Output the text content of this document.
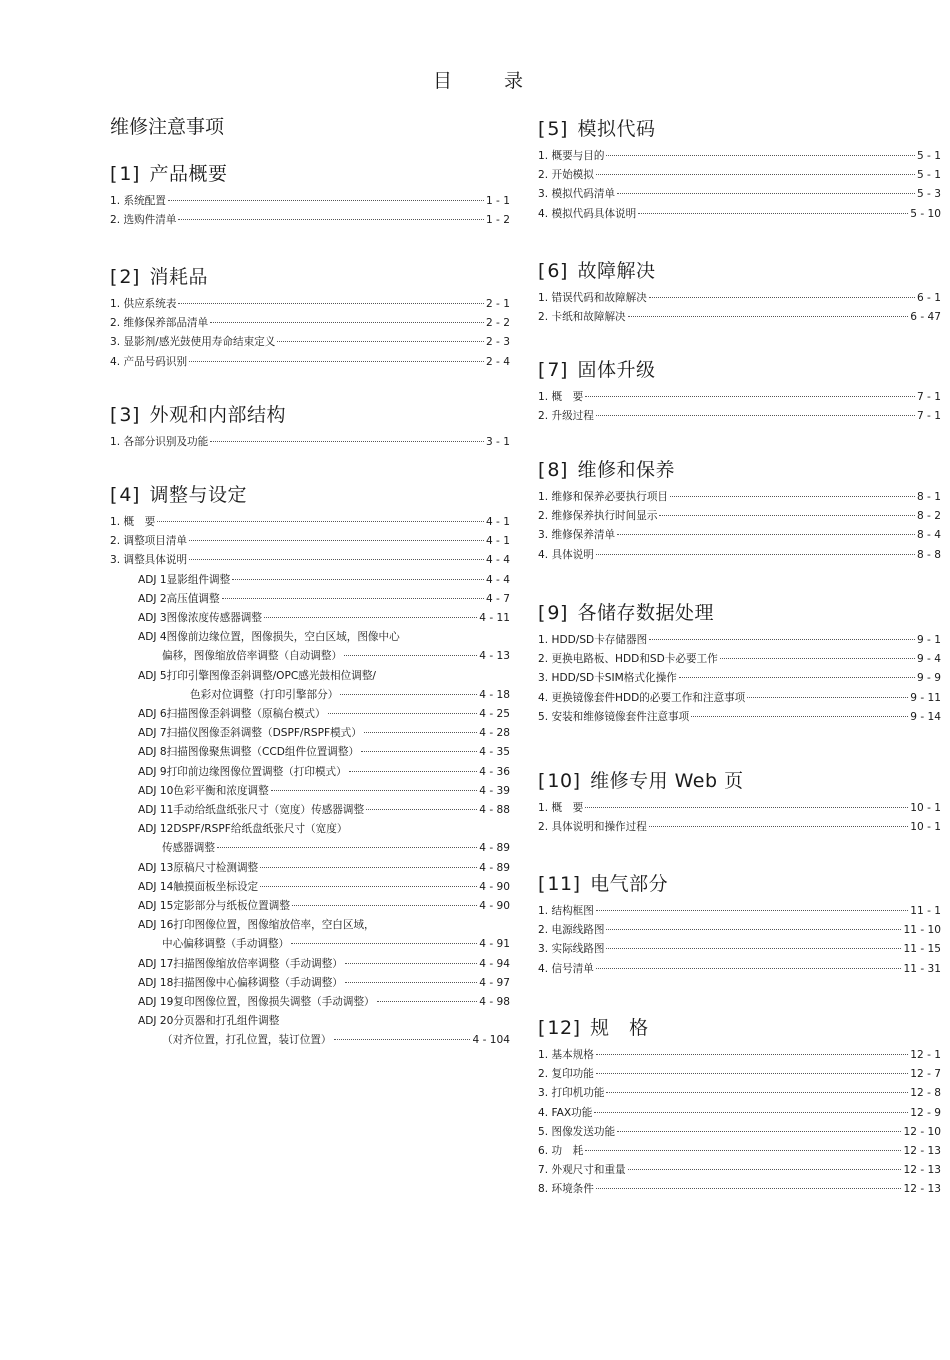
目录
维修注意事项
[1] 产品概要
1. 系统配置	1 - 1
2. 选购件清单	1 - 2
[2] 消耗品
1. 供应系统表	2 - 1
2. 维修保养部品清单	2 - 2
3. 显影剂/感光鼓使用寿命结束定义	2 - 3
4. 产品号码识别	2 - 4
[3] 外观和内部结构
1. 各部分识别及功能	3 - 1
[4] 调整与设定
1. 概　要	4 - 1
2. 调整项目清单	4 - 1
3. 调整具体说明	4 - 4
ADJ 1显影组件调整	4 - 4
ADJ 2高压值调整	4 - 7
ADJ 3图像浓度传感器调整	4 - 11
ADJ 4图像前边缘位置，图像损失，空白区域，图像中心
偏移，图像缩放倍率调整（自动调整）	4 - 13
ADJ 5打印引擎图像歪斜调整/OPC感光鼓相位调整/
色彩对位调整（打印引擎部分）	4 - 18
ADJ 6扫描图像歪斜调整（原稿台模式）	4 - 25
ADJ 7扫描仪图像歪斜调整（DSPF/RSPF模式）	4 - 28
ADJ 8扫描图像聚焦调整（CCD组件位置调整）	4 - 35
ADJ 9打印前边缘图像位置调整（打印模式）	4 - 36
ADJ 10色彩平衡和浓度调整	4 - 39
ADJ 11手动给纸盘纸张尺寸（宽度）传感器调整	4 - 88
ADJ 12DSPF/RSPF给纸盘纸张尺寸（宽度）
传感器调整	4 - 89
ADJ 13原稿尺寸检测调整	4 - 89
ADJ 14触摸面板坐标设定	4 - 90
ADJ 15定影部分与纸板位置调整	4 - 90
ADJ 16打印图像位置，图像缩放倍率，空白区域，
中心偏移调整（手动调整）	4 - 91
ADJ 17扫描图像缩放倍率调整（手动调整）	4 - 94
ADJ 18扫描图像中心偏移调整（手动调整）	4 - 97
ADJ 19复印图像位置，图像损失调整（手动调整）	4 - 98
ADJ 20分页器和打孔组件调整
（对齐位置，打孔位置，装订位置）	4 - 104
[5] 模拟代码
1. 概要与目的	5 - 1
2. 开始模拟	5 - 1
3. 模拟代码清单	5 - 3
4. 模拟代码具体说明	5 - 10
[6] 故障解决
1. 错误代码和故障解决	6 - 1
2. 卡纸和故障解决	6 - 47
[7] 固体升级
1. 概　要	7 - 1
2. 升级过程	7 - 1
[8] 维修和保养
1. 维修和保养必要执行项目	8 - 1
2. 维修保养执行时间显示	8 - 2
3. 维修保养清单	8 - 4
4. 具体说明	8 - 8
[9] 各储存数据处理
1. HDD/SD卡存储器图	9 - 1
2. 更换电路板、HDD和SD卡必要工作	9 - 4
3. HDD/SD卡SIM格式化操作	9 - 9
4. 更换镜像套件HDD的必要工作和注意事项	9 - 11
5. 安装和维修镜像套件注意事项	9 - 14
[10] 维修专用 Web 页
1. 概　要	10 - 1
2. 具体说明和操作过程	10 - 1
[11] 电气部分
1. 结构框图	11 - 1
2. 电源线路图	11 - 10
3. 实际线路图	11 - 15
4. 信号清单	11 - 31
[12] 规　格
1. 基本规格	12 - 1
2. 复印功能	12 - 7
3. 打印机功能	12 - 8
4. FAX功能	12 - 9
5. 图像发送功能	12 - 10
6. 功　耗	12 - 13
7. 外观尺寸和重量	12 - 13
8. 环境条件	12 - 13
